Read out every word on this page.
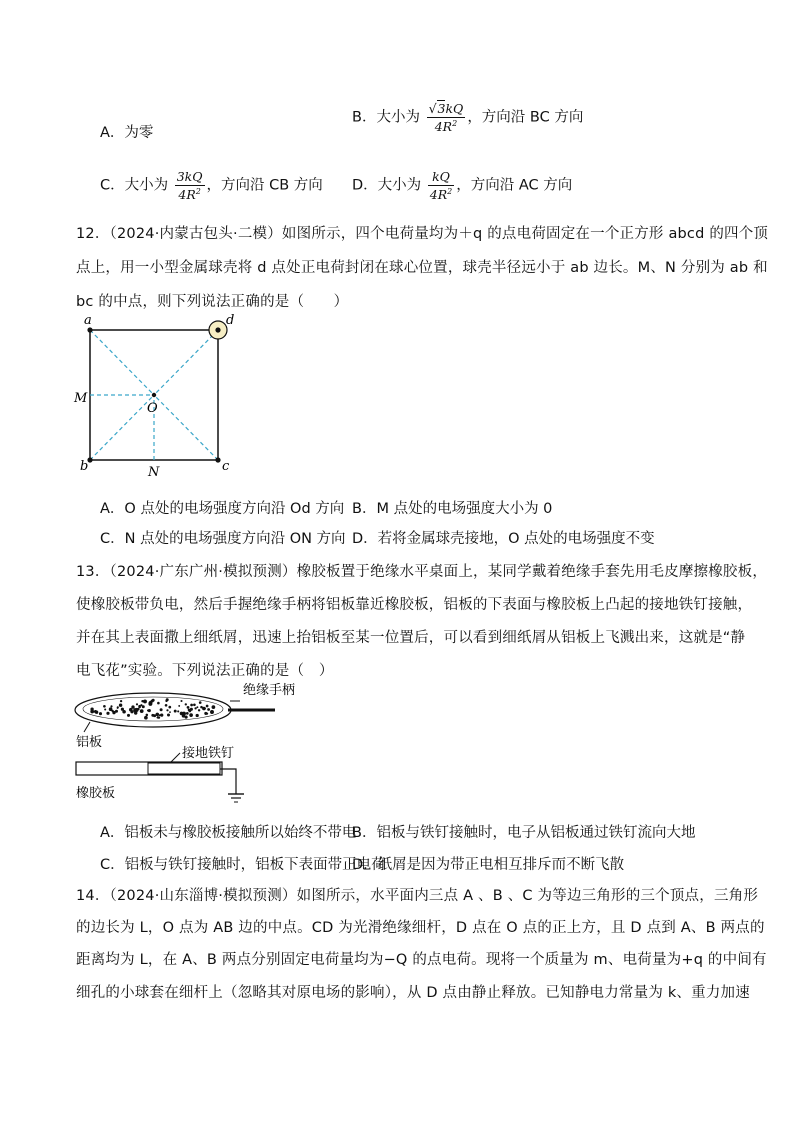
A．为零
B．大小为 $\frac{√3kQ}{4R^2}$ ，方向沿 BC 方向
C．大小为 $\frac{3kQ}{4R^2}$ ，方向沿 CB 方向 D．大小为 $\frac{kQ}{4R^2}$ ，方向沿 AC 方向
12．（2024·内蒙古包头·二模）如图所示，四个电荷量均为＋q 的点电荷固定在一个正方形 abcd 的四个顶
点上，用一小型金属球壳将 d 点处正电荷封闭在球心位置，球壳半径远小于 ab 边长。M、N 分别为 ab 和
bc 的中点，则下列说法正确的是（　　）
a	d
b	c
M
N
O
A．O 点处的电场强度方向沿 Od 方向 B．M 点处的电场强度大小为 0
C．N 点处的电场强度方向沿 ON 方向 D．若将金属球壳接地，O 点处的电场强度不变
13．（2024·广东广州·模拟预测）橡胶板置于绝缘水平桌面上，某同学戴着绝缘手套先用毛皮摩擦橡胶板，
使橡胶板带负电，然后手握绝缘手柄将铝板靠近橡胶板，铝板的下表面与橡胶板上凸起的接地铁钉接触，
并在其上表面撒上细纸屑，迅速上抬铝板至某一位置后，可以看到细纸屑从铝板上飞溅出来，这就是“静
电飞花”实验。下列说法正确的是（　）
绝缘手柄
铝板
接地铁钉
橡胶板
A．铝板未与橡胶板接触所以始终不带电
B．铝板与铁钉接触时，电子从铝板通过铁钉流向大地
C．铝板与铁钉接触时，铝板下表面带正电荷
D．纸屑是因为带正电相互排斥而不断飞散
14．（2024·山东淄博·模拟预测）如图所示，水平面内三点 A 、B 、C 为等边三角形的三个顶点，三角形
的边长为 L，O 点为 AB 边的中点。CD 为光滑绝缘细杆，D 点在 O 点的正上方，且 D 点到 A、B 两点的
距离均为 L，在 A、B 两点分别固定电荷量均为−Q 的点电荷。现将一个质量为 m、电荷量为+q 的中间有
细孔的小球套在细杆上（忽略其对原电场的影响），从 D 点由静止释放。已知静电力常量为 k、重力加速
